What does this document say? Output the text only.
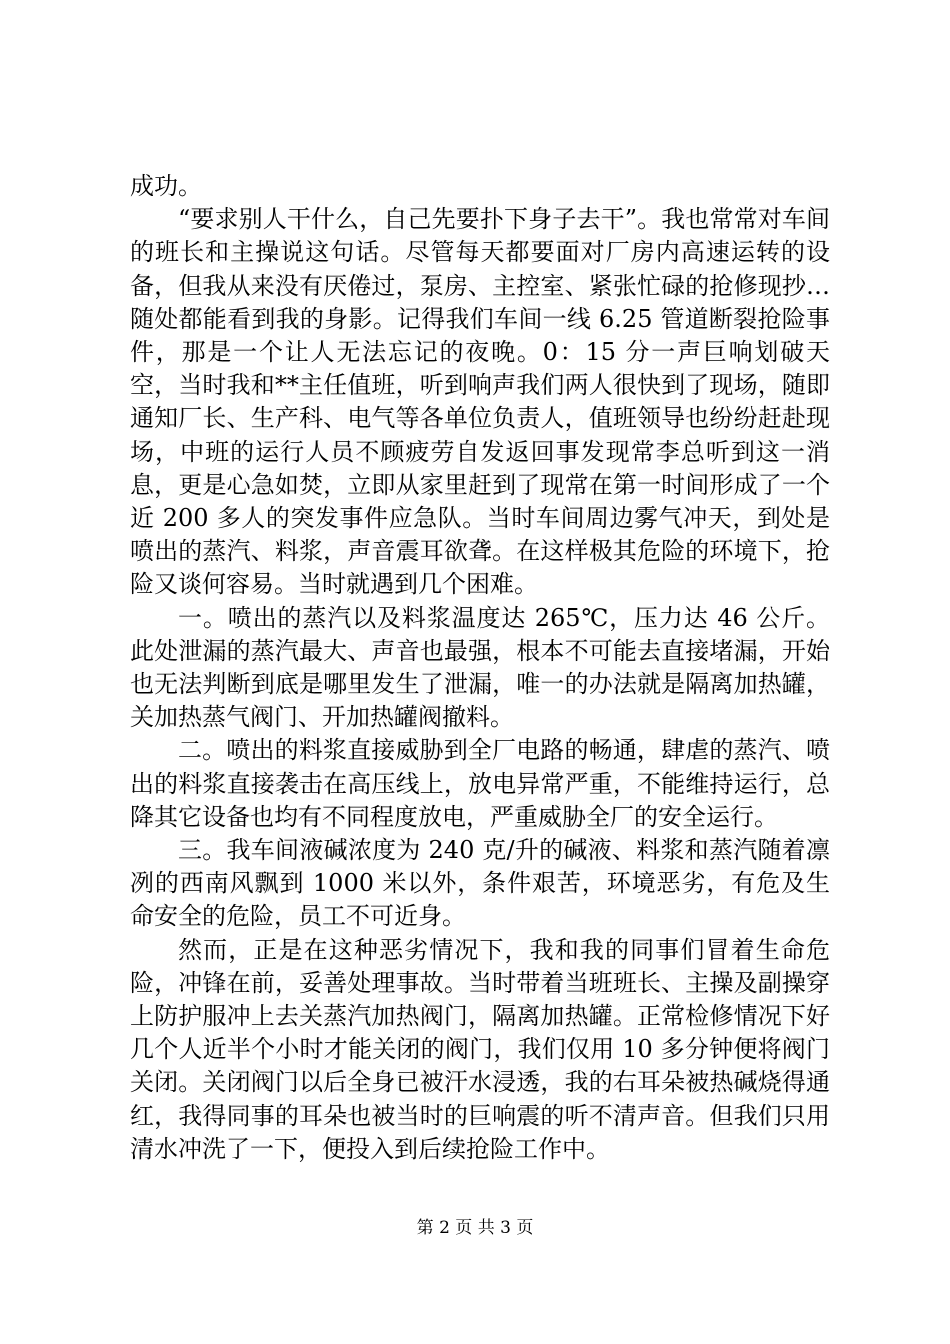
成功。

“要求别人干什么，自己先要扑下身子去干”。我也常常对车间的班长和主操说这句话。尽管每天都要面对厂房内高速运转的设备，但我从来没有厌倦过，泵房、主控室、紧张忙碌的抢修现抄…随处都能看到我的身影。记得我们车间一线 6.25 管道断裂抢险事件，那是一个让人无法忘记的夜晚。0：15 分一声巨响划破天空，当时我和**主任值班，听到响声我们两人很快到了现场，随即通知厂长、生产科、电气等各单位负责人，值班领导也纷纷赶赴现场，中班的运行人员不顾疲劳自发返回事发现常李总听到这一消息，更是心急如焚，立即从家里赶到了现常在第一时间形成了一个近 200 多人的突发事件应急队。当时车间周边雾气冲天，到处是喷出的蒸汽、料浆，声音震耳欲聋。在这样极其危险的环境下，抢险又谈何容易。当时就遇到几个困难。

一。喷出的蒸汽以及料浆温度达 265℃，压力达 46 公斤。此处泄漏的蒸汽最大、声音也最强，根本不可能去直接堵漏，开始也无法判断到底是哪里发生了泄漏，唯一的办法就是隔离加热罐，关加热蒸气阀门、开加热罐阀撤料。

二。喷出的料浆直接威胁到全厂电路的畅通，肆虐的蒸汽、喷出的料浆直接袭击在高压线上，放电异常严重，不能维持运行，总降其它设备也均有不同程度放电，严重威胁全厂的安全运行。

三。我车间液碱浓度为 240 克/升的碱液、料浆和蒸汽随着凛冽的西南风飘到 1000 米以外，条件艰苦，环境恶劣，有危及生命安全的危险，员工不可近身。

然而，正是在这种恶劣情况下，我和我的同事们冒着生命危险，冲锋在前，妥善处理事故。当时带着当班班长、主操及副操穿上防护服冲上去关蒸汽加热阀门，隔离加热罐。正常检修情况下好几个人近半个小时才能关闭的阀门，我们仅用 10 多分钟便将阀门关闭。关闭阀门以后全身已被汗水浸透，我的右耳朵被热碱烧得通红，我得同事的耳朵也被当时的巨响震的听不清声音。但我们只用清水冲洗了一下，便投入到后续抢险工作中。

第 2 页 共 3 页
